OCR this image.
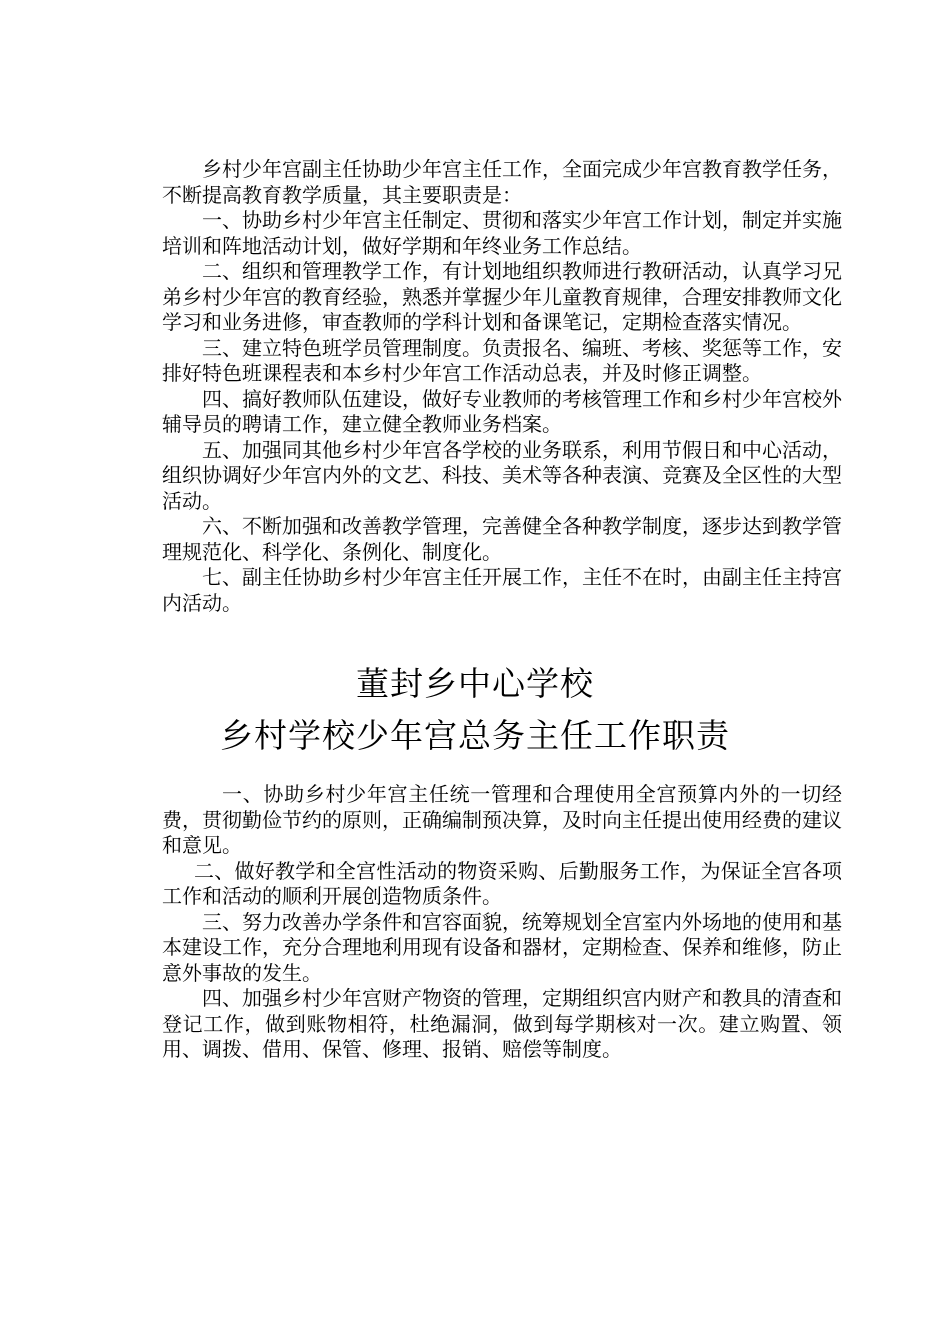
乡村少年宫副主任协助少年宫主任工作，全面完成少年宫教育教学任务，不断提高教育教学质量，其主要职责是：

一、协助乡村少年宫主任制定、贯彻和落实少年宫工作计划，制定并实施培训和阵地活动计划，做好学期和年终业务工作总结。

二、组织和管理教学工作，有计划地组织教师进行教研活动，认真学习兄弟乡村少年宫的教育经验，熟悉并掌握少年儿童教育规律，合理安排教师文化学习和业务进修，审查教师的学科计划和备课笔记，定期检查落实情况。

三、建立特色班学员管理制度。负责报名、编班、考核、奖惩等工作，安排好特色班课程表和本乡村少年宫工作活动总表，并及时修正调整。

四、搞好教师队伍建设，做好专业教师的考核管理工作和乡村少年宫校外辅导员的聘请工作，建立健全教师业务档案。

五、加强同其他乡村少年宫各学校的业务联系，利用节假日和中心活动，组织协调好少年宫内外的文艺、科技、美术等各种表演、竞赛及全区性的大型活动。

六、不断加强和改善教学管理，完善健全各种教学制度，逐步达到教学管理规范化、科学化、条例化、制度化。

七、副主任协助乡村少年宫主任开展工作，主任不在时，由副主任主持宫内活动。

董封乡中心学校
乡村学校少年宫总务主任工作职责

一、协助乡村少年宫主任统一管理和合理使用全宫预算内外的一切经费，贯彻勤俭节约的原则，正确编制预决算，及时向主任提出使用经费的建议和意见。

二、做好教学和全宫性活动的物资采购、后勤服务工作，为保证全宫各项工作和活动的顺利开展创造物质条件。

三、努力改善办学条件和宫容面貌，统筹规划全宫室内外场地的使用和基本建设工作，充分合理地利用现有设备和器材，定期检查、保养和维修，防止意外事故的发生。

四、加强乡村少年宫财产物资的管理，定期组织宫内财产和教具的清查和登记工作，做到账物相符，杜绝漏洞，做到每学期核对一次。建立购置、领用、调拨、借用、保管、修理、报销、赔偿等制度。
